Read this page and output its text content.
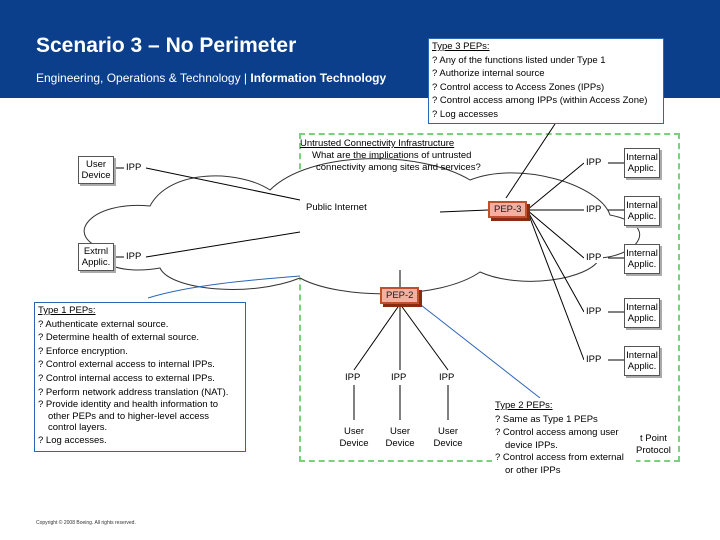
Scenario 3 – No Perimeter
Engineering, Operations & Technology | Information Technology
Type 3 PEPs:
? Any of the functions listed under Type 1
? Authorize internal source
? Control access to Access Zones (IPPs)
? Control access among IPPs (within Access Zone)
? Log accesses
Untrusted Connectivity Infrastructure
What are the implications of untrusted
connectivity among sites and services?
Public Internet
User Device
IPP
Extrnl Applic.
IPP
PEP-3
PEP-2
IPP
IPP
IPP
IPP
IPP
Internal Applic.
Internal Applic.
Internal Applic.
Internal Applic.
Internal Applic.
IPP	IPP	IPP
User Device
User Device
User Device
Type 1 PEPs:
? Authenticate external source.
? Determine health of external source.
? Enforce encryption.
? Control external access to internal IPPs.
? Control internal access to external IPPs.
? Perform network address translation (NAT).
? Provide identity and health information to
other PEPs and to higher-level access
control layers.
? Log accesses.
Type 2 PEPs:
? Same as Type 1 PEPs
? Control access among user
device IPPs.
? Control access from external
or other IPPs
t Point
Protocol
Copyright © 2008 Boeing. All rights reserved.
